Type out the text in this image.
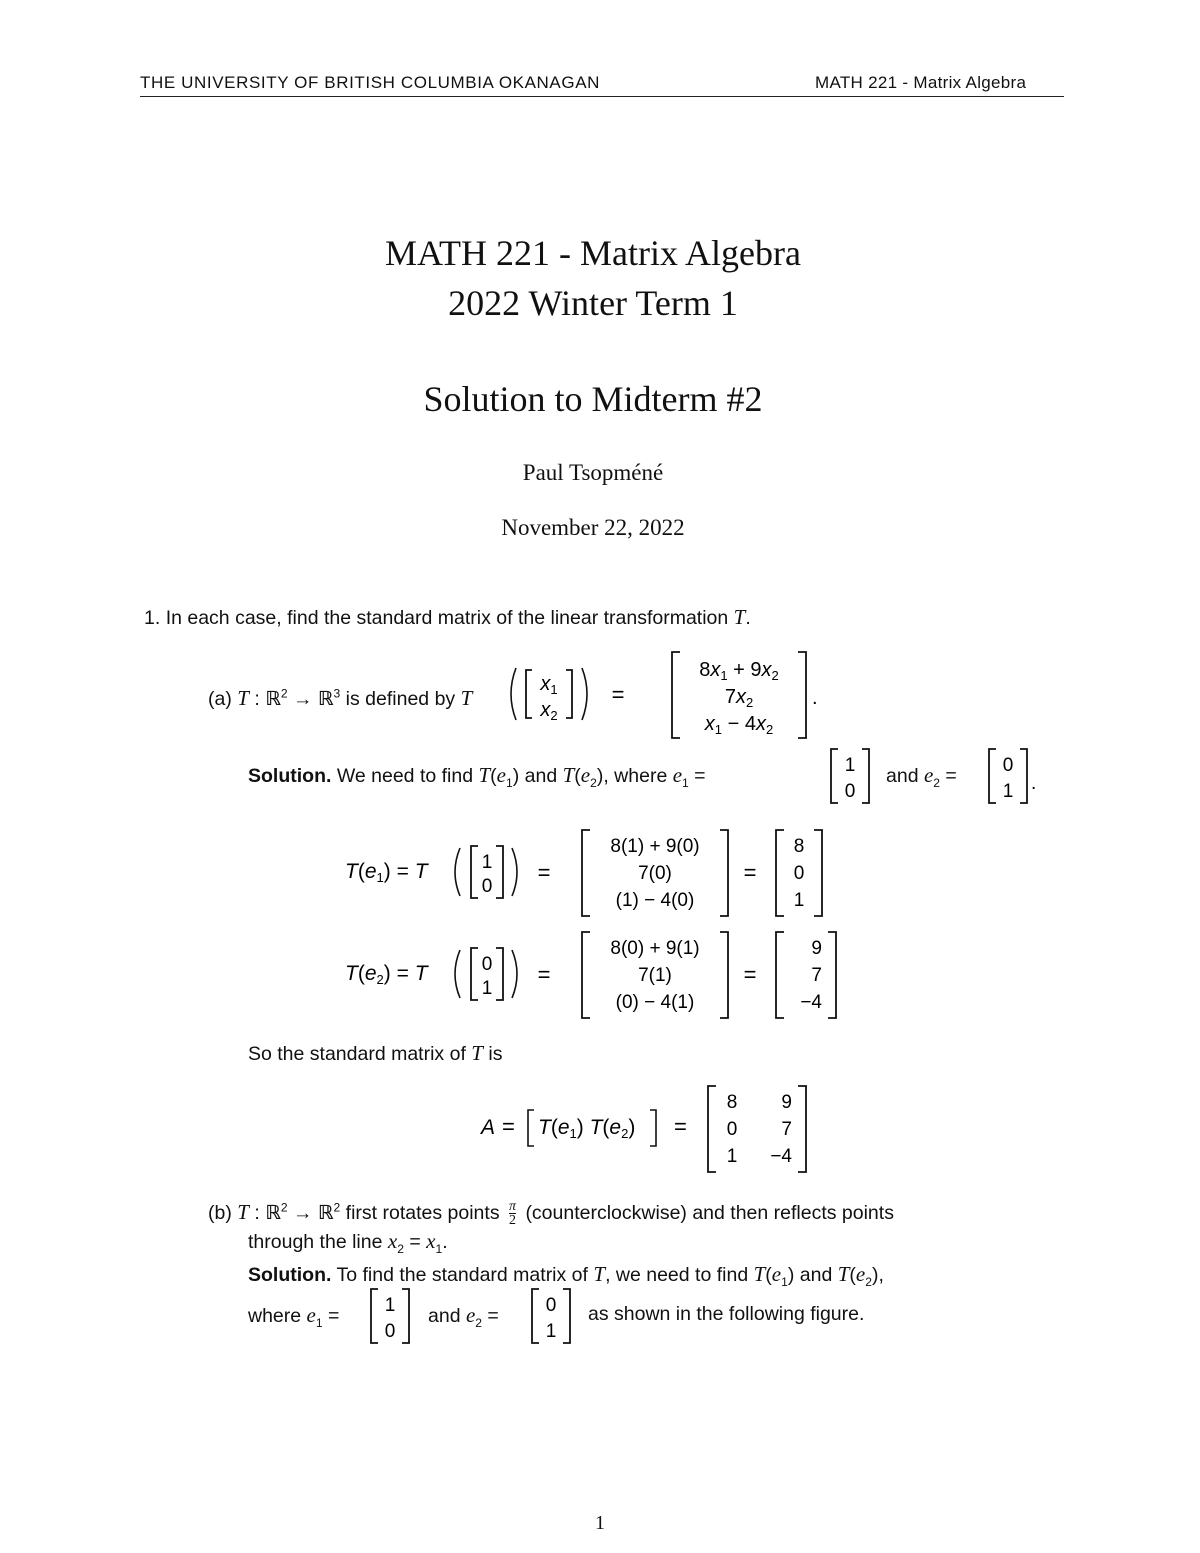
THE UNIVERSITY OF BRITISH COLUMBIA OKANAGAN	MATH 221 - Matrix Algebra
MATH 221 - Matrix Algebra
2022 Winter Term 1
Solution to Midterm #2
Paul Tsopméné
November 22, 2022
1. In each case, find the standard matrix of the linear transformation T.
(a) T : ℝ$^2$ → ℝ$^3$ is defined by T
$x_1$
$x_2$
=
$8x_1 + 9x_2$
$7x_2$
$x_1 - 4x_2$
.
Solution. We need to find $T(e_1)$ and $T(e_2)$, where $e_1$ =	1
0
and $e_2 = 0$
1 .
T(e1) = T	1
0
=
8(1) + 9(0)
7(0)
(1) − 4(0)
=
8
0
1
T(e2) = T	0
1
=
8(0) + 9(1)
7(1)
(0) − 4(1)
=
9
7
−4
So the standard matrix of T is
A = T(e1) T(e2) =
8 9
0 7
1 −4
(b) T : ℝ$^2$ → ℝ$^2$ first rotates points π

2 (counterclockwise) and then reflects points
through the line $x_2 = x_1$.
Solution. To find the standard matrix of T, we need to find $T(e_1)$ and $T(e_2)$,
where $e_1 = 1$
0
and $e_2 = 0$
1
as shown in the following figure.
1
